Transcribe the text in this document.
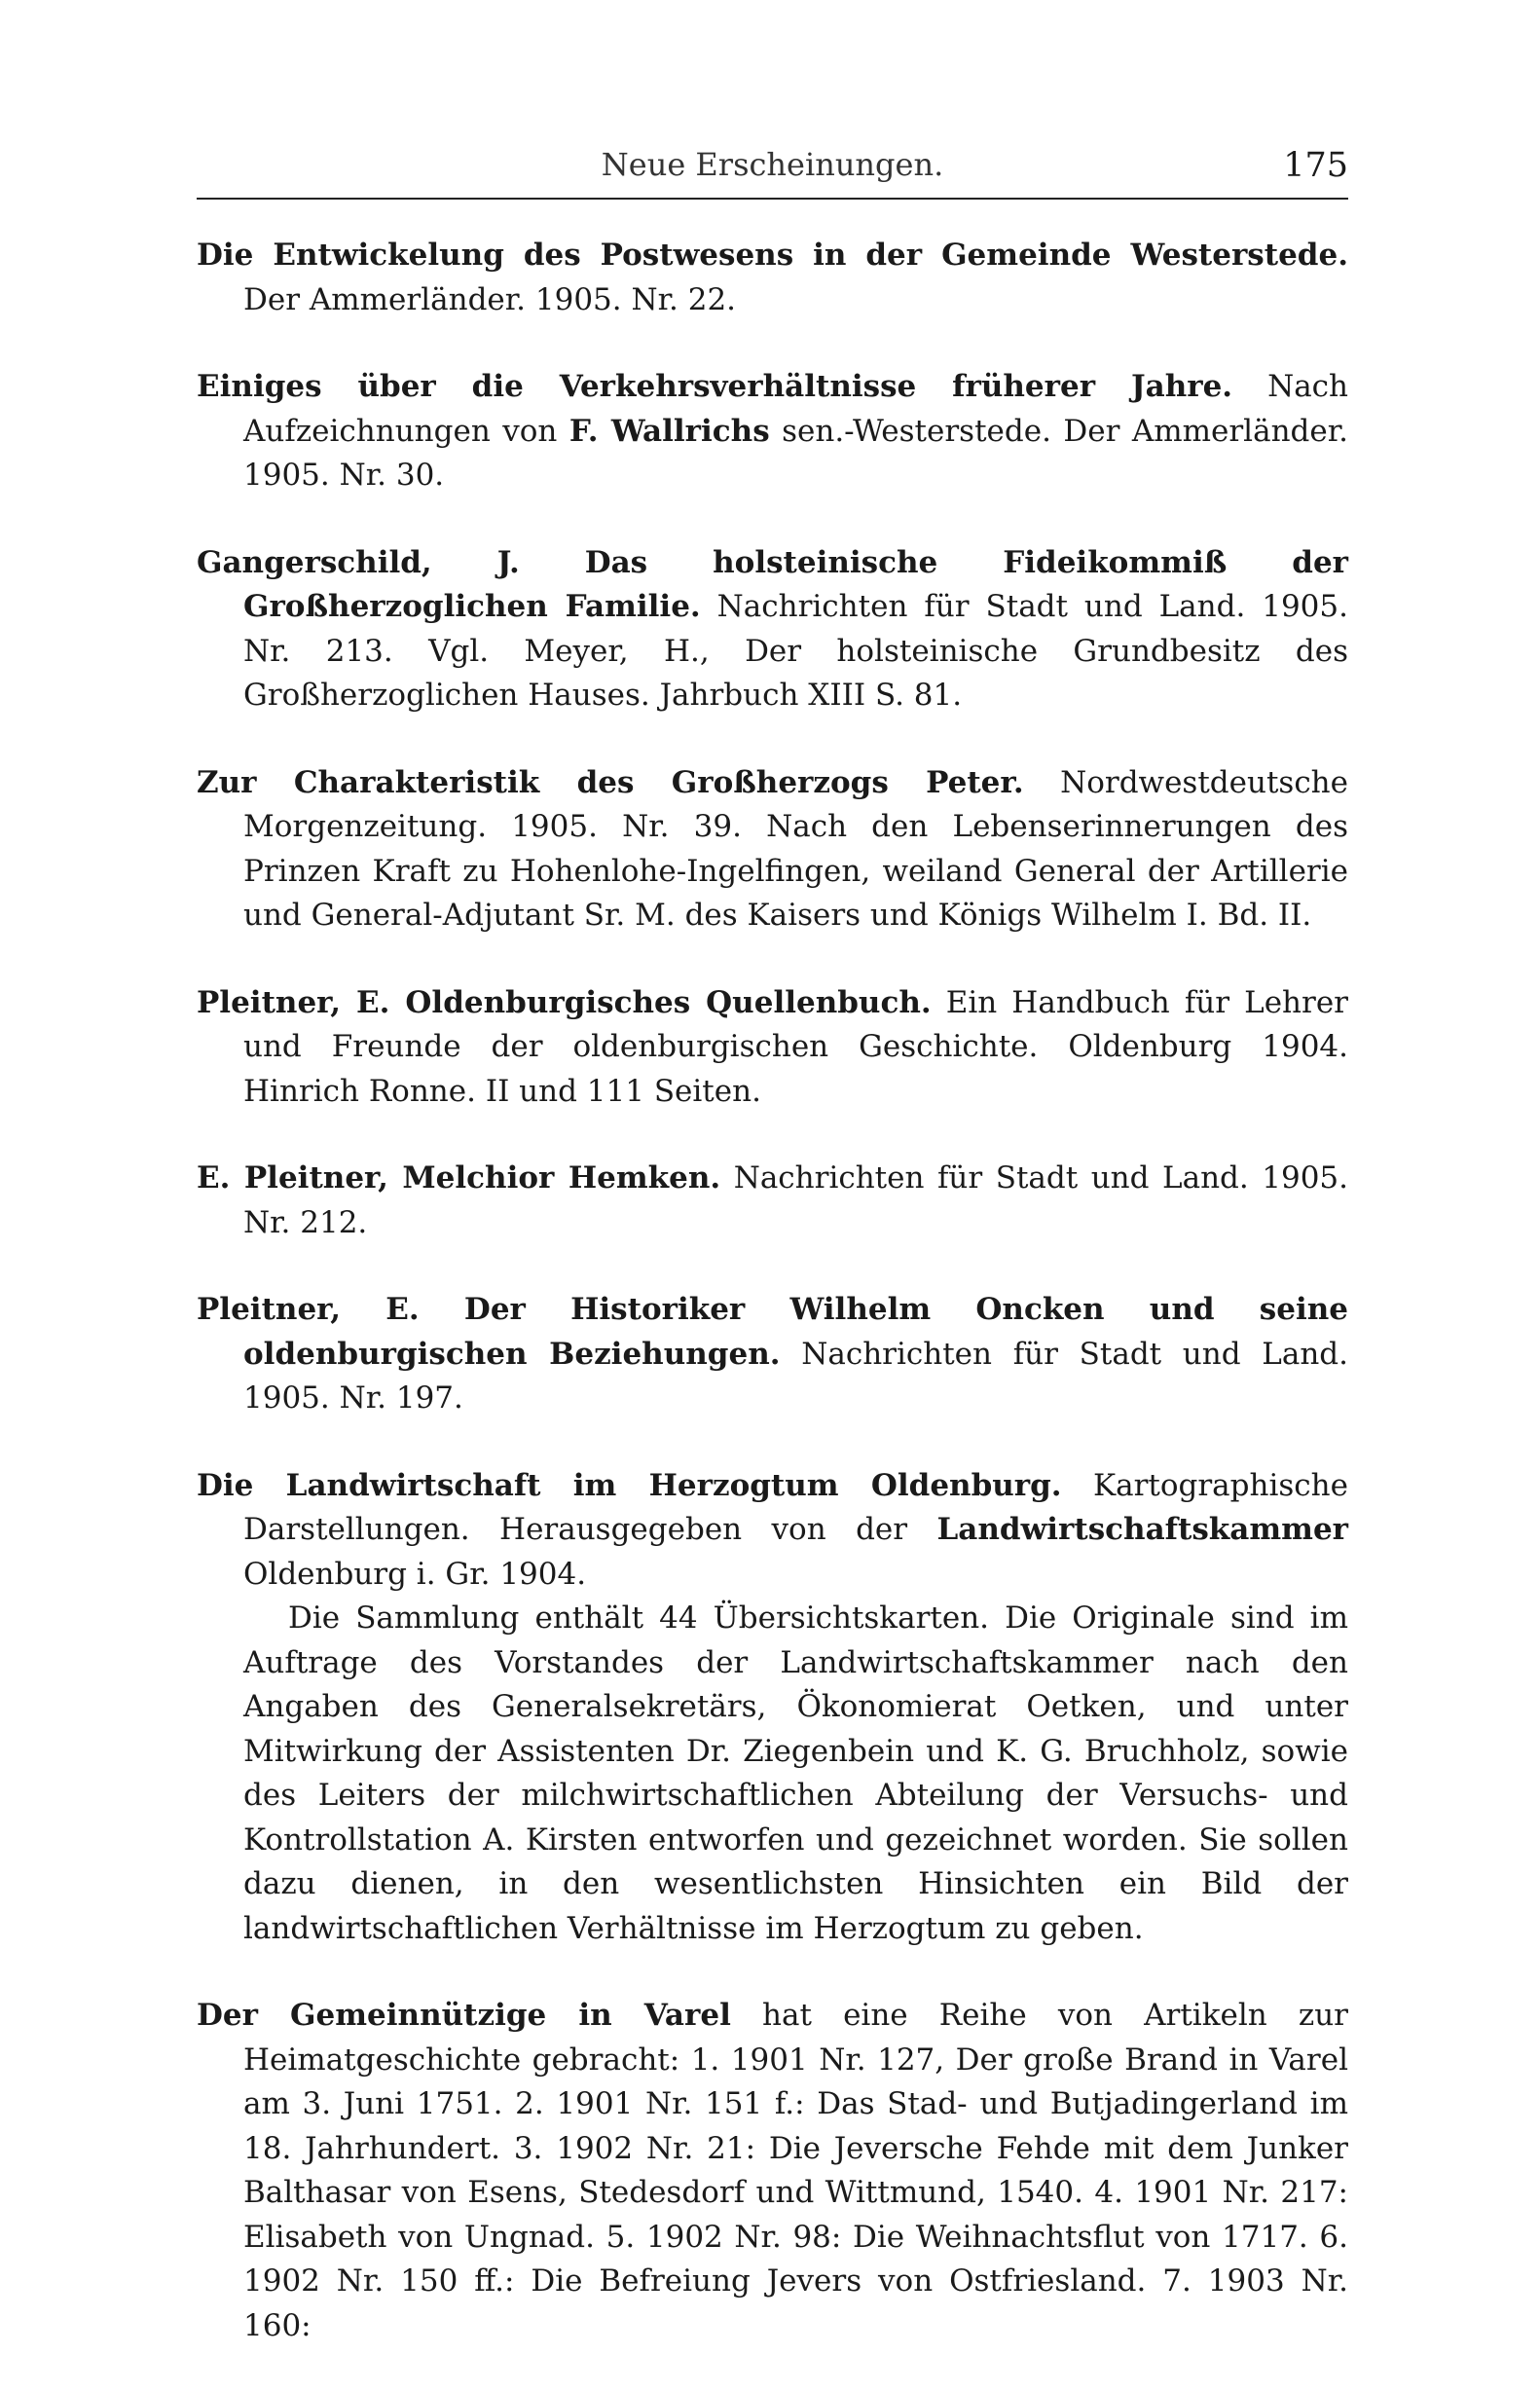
Neue Erscheinungen.	175

Die Entwickelung des Postwesens in der Gemeinde Westerstede. Der Ammerländer. 1905. Nr. 22.

Einiges über die Verkehrsverhältnisse früherer Jahre. Nach Aufzeichnungen von F. Wallrichs sen.-Westerstede. Der Ammerländer. 1905. Nr. 30.

Gangerschild, J. Das holsteinische Fideikommiß der Großherzoglichen Familie. Nachrichten für Stadt und Land. 1905. Nr. 213. Vgl. Meyer, H., Der holsteinische Grundbesitz des Großherzoglichen Hauses. Jahrbuch XIII S. 81.

Zur Charakteristik des Großherzogs Peter. Nordwestdeutsche Morgenzeitung. 1905. Nr. 39. Nach den Lebenserinnerungen des Prinzen Kraft zu Hohenlohe-Ingelfingen, weiland General der Artillerie und General-Adjutant Sr. M. des Kaisers und Königs Wilhelm I. Bd. II.

Pleitner, E. Oldenburgisches Quellenbuch. Ein Handbuch für Lehrer und Freunde der oldenburgischen Geschichte. Oldenburg 1904. Hinrich Ronne. II und 111 Seiten.

E. Pleitner, Melchior Hemken. Nachrichten für Stadt und Land. 1905. Nr. 212.

Pleitner, E. Der Historiker Wilhelm Oncken und seine oldenburgischen Beziehungen. Nachrichten für Stadt und Land. 1905. Nr. 197.

Die Landwirtschaft im Herzogtum Oldenburg. Kartographische Darstellungen. Herausgegeben von der Landwirtschaftskammer Oldenburg i. Gr. 1904.

Die Sammlung enthält 44 Übersichtskarten. Die Originale sind im Auftrage des Vorstandes der Landwirtschaftskammer nach den Angaben des Generalsekretärs, Ökonomierat Oetken, und unter Mitwirkung der Assistenten Dr. Ziegenbein und K. G. Bruchholz, sowie des Leiters der milchwirtschaftlichen Abteilung der Versuchs- und Kontrollstation A. Kirsten entworfen und gezeichnet worden. Sie sollen dazu dienen, in den wesentlichsten Hinsichten ein Bild der landwirtschaftlichen Verhältnisse im Herzogtum zu geben.

Der Gemeinnützige in Varel hat eine Reihe von Artikeln zur Heimatgeschichte gebracht: 1. 1901 Nr. 127, Der große Brand in Varel am 3. Juni 1751. 2. 1901 Nr. 151 f.: Das Stad- und Butjadingerland im 18. Jahrhundert. 3. 1902 Nr. 21: Die Jeversche Fehde mit dem Junker Balthasar von Esens, Stedesdorf und Wittmund, 1540. 4. 1901 Nr. 217: Elisabeth von Ungnad. 5. 1902 Nr. 98: Die Weihnachtsflut von 1717. 6. 1902 Nr. 150 ff.: Die Befreiung Jevers von Ostfriesland. 7. 1903 Nr. 160:
